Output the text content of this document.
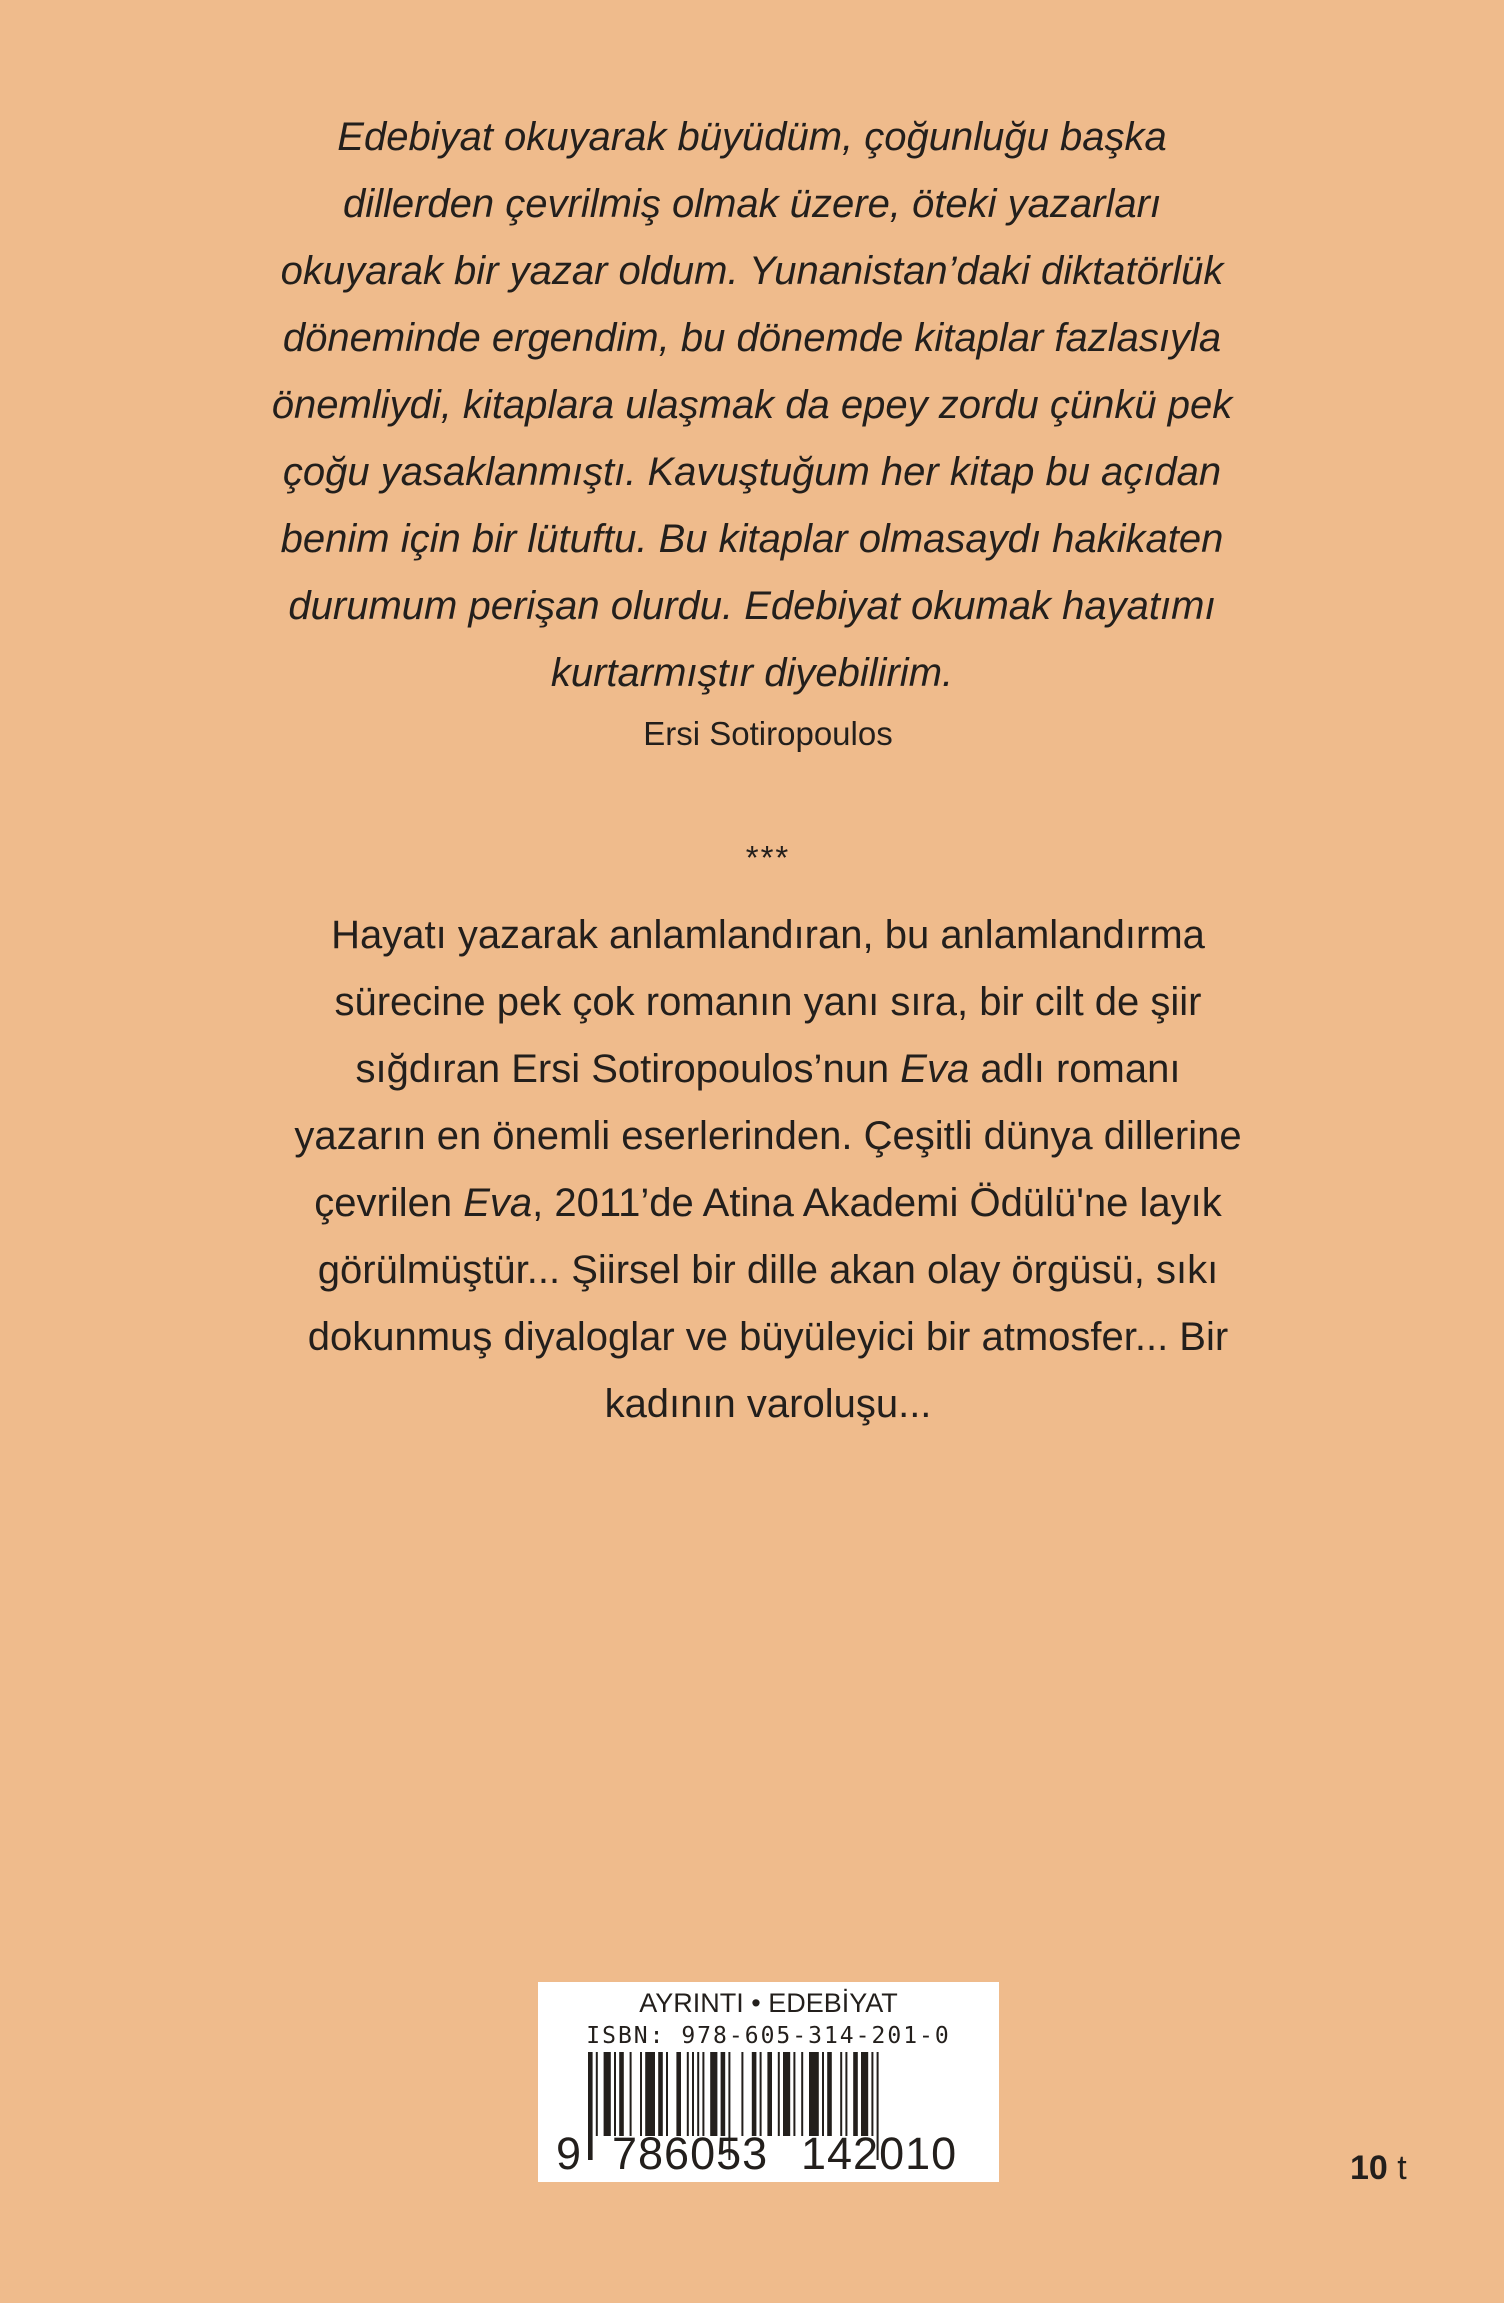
Edebiyat okuyarak büyüdüm, çoğunluğu başka
dillerden çevrilmiş olmak üzere, öteki yazarları
okuyarak bir yazar oldum. Yunanistan’daki diktatörlük
döneminde ergendim, bu dönemde kitaplar fazlasıyla
önemliydi, kitaplara ulaşmak da epey zordu çünkü pek
çoğu yasaklanmıştı. Kavuştuğum her kitap bu açıdan
benim için bir lütuftu. Bu kitaplar olmasaydı hakikaten
durumum perişan olurdu. Edebiyat okumak hayatımı
kurtarmıştır diyebilirim.
Ersi Sotiropoulos
***
Hayatı yazarak anlamlandıran, bu anlamlandırma
sürecine pek çok romanın yanı sıra, bir cilt de şiir
sığdıran Ersi Sotiropoulos’nun Eva adlı romanı
yazarın en önemli eserlerinden. Çeşitli dünya dillerine
çevrilen Eva, 2011’de Atina Akademi Ödülü'ne layık
görülmüştür... Şiirsel bir dille akan olay örgüsü, sıkı
dokunmuş diyaloglar ve büyüleyici bir atmosfer... Bir
kadının varoluşu...
AYRINTI • EDEBİYAT
ISBN: 978-605-314-201-0
9 786053 142010	10 t
